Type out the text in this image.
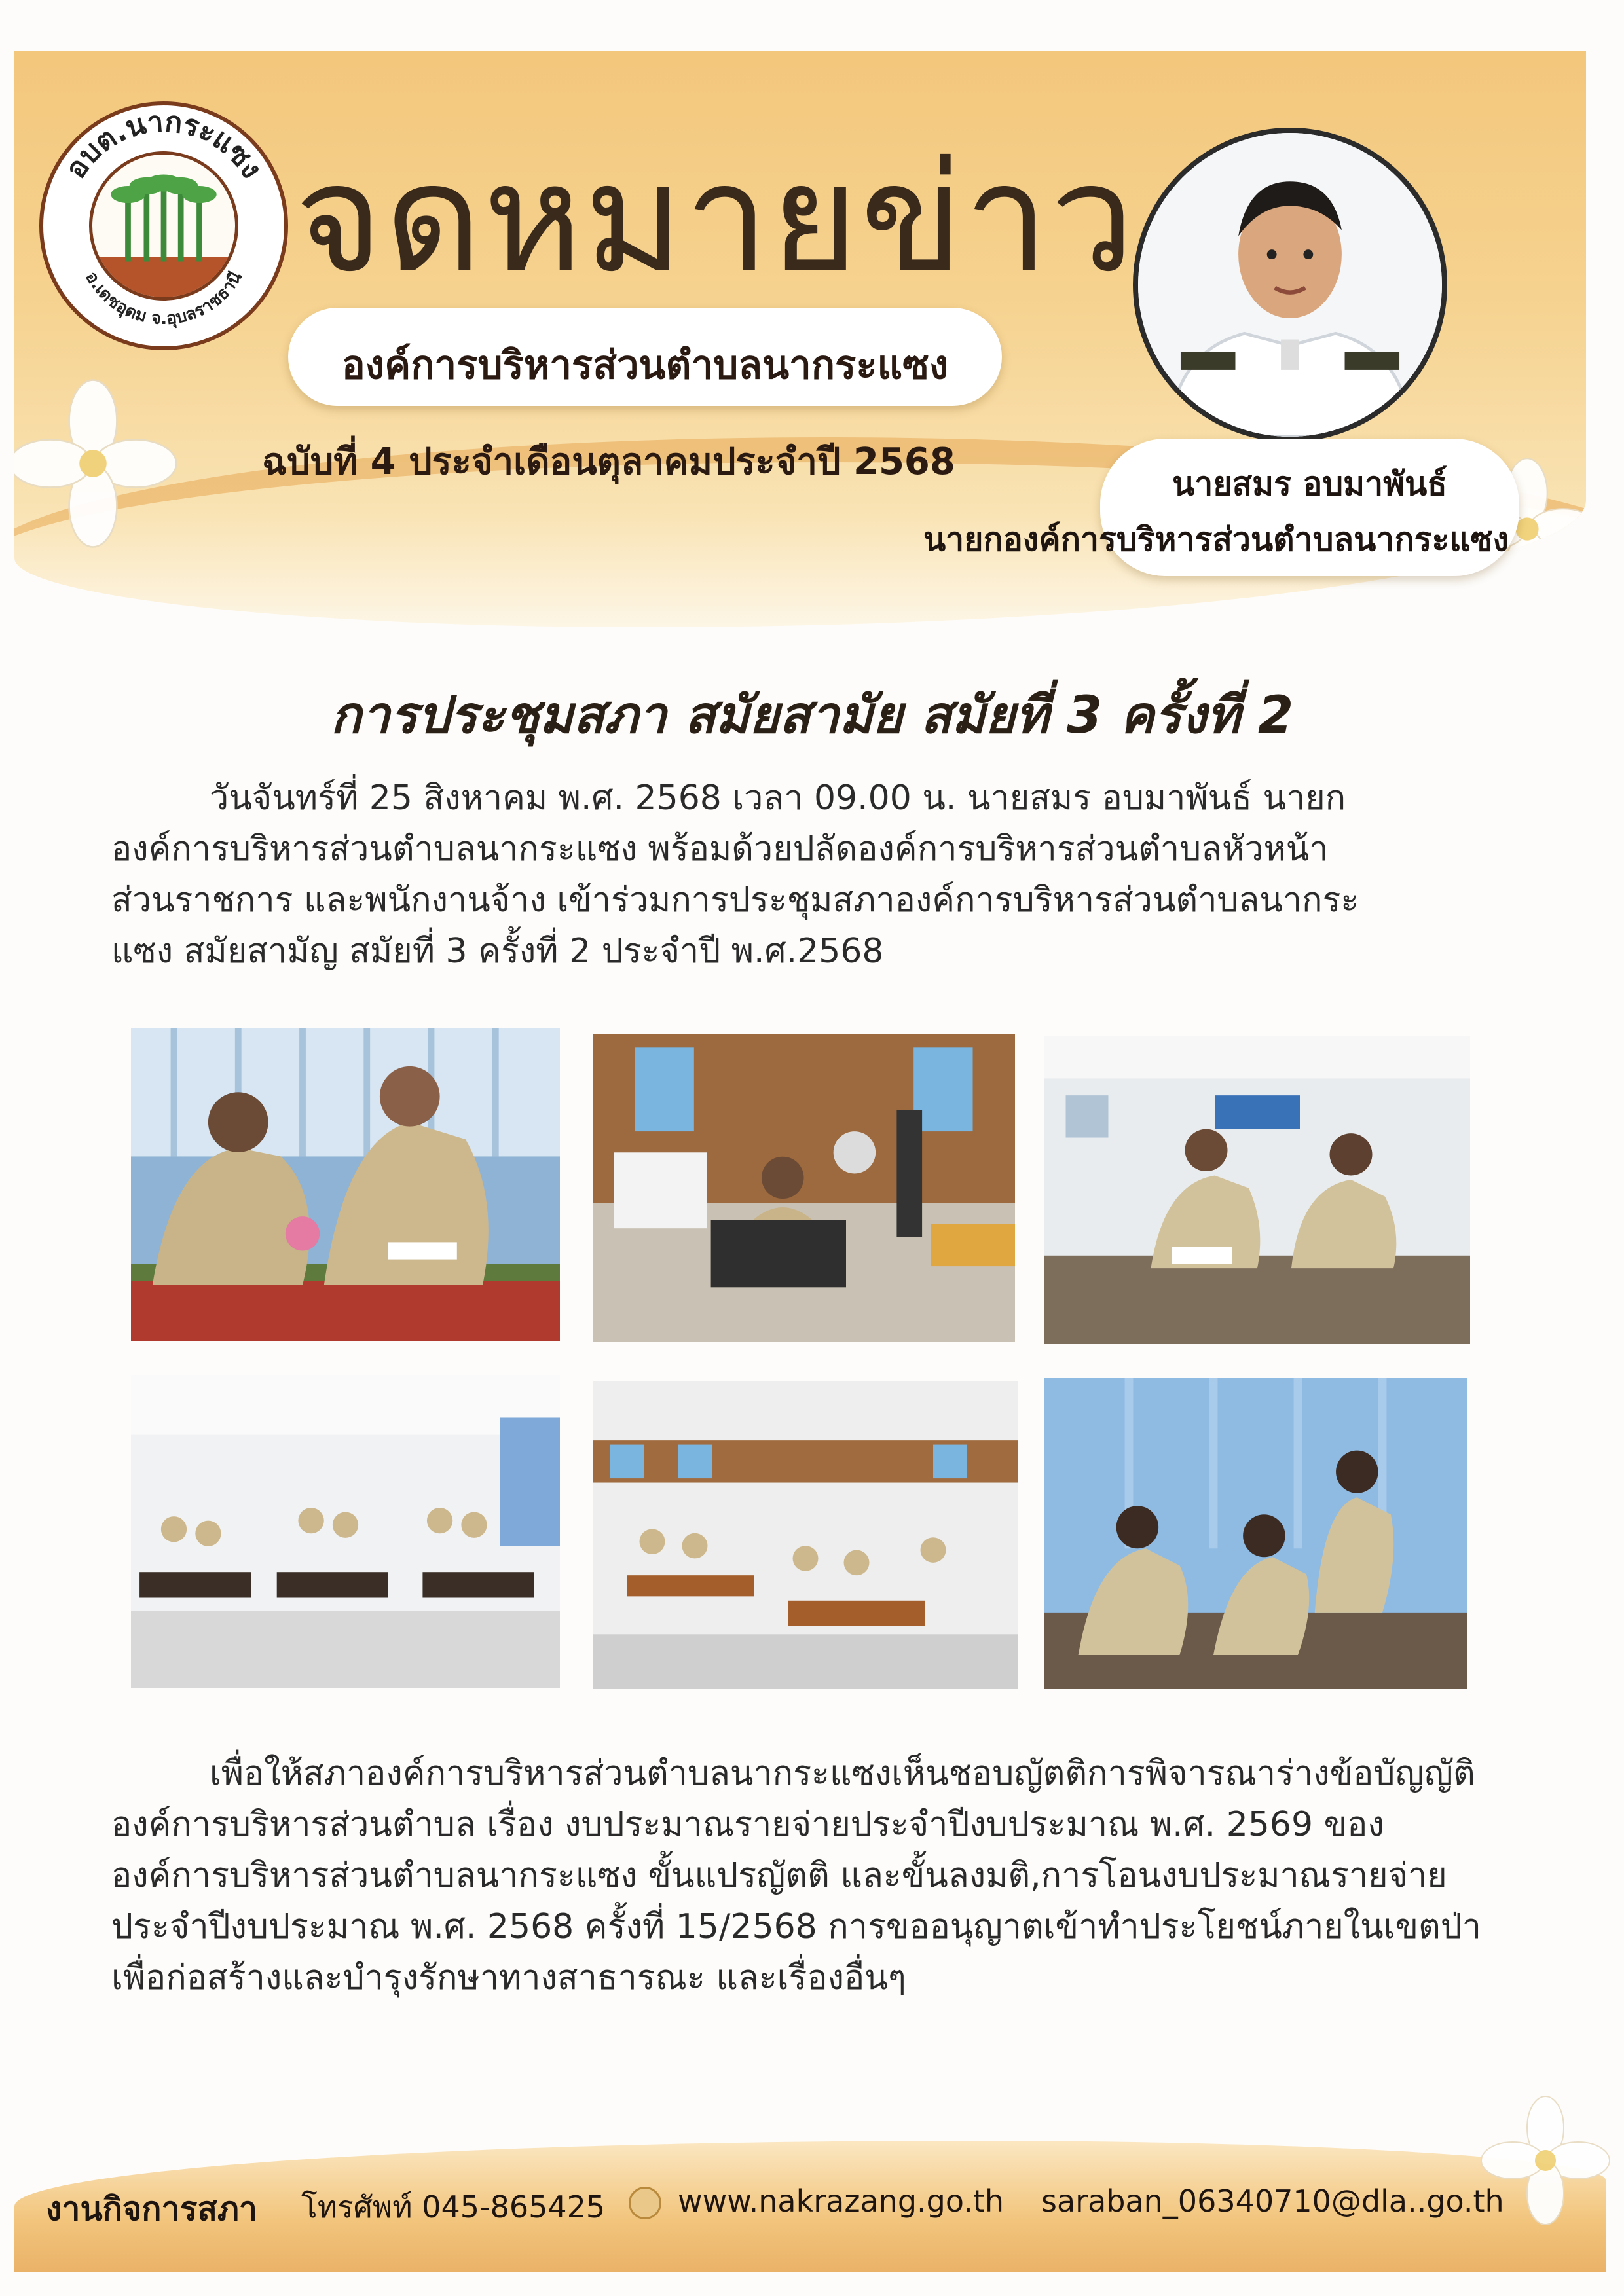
อบต.นากระแซง
อ.เดชอุดม จ.อุบลราชธานี จดหมายข่าว
องค์การบริหารส่วนตำบลนากระแซง
ฉบับที่ 4 ประจำเดือนตุลาคมประจำปี 2568
นายสมร อบมาพันธ์
นายกองค์การบริหารส่วนตำบลนากระแซง
การประชุมสภา สมัยสามัย สมัยที่ 3 ครั้งที่ 2
วันจันทร์ที่ 25 สิงหาคม พ.ศ. 2568 เวลา 09.00 น. นายสมร อบมาพันธ์ นายก
องค์การบริหารส่วนตำบลนากระแซง พร้อมด้วยปลัดองค์การบริหารส่วนตำบลหัวหน้า
ส่วนราชการ และพนักงานจ้าง เข้าร่วมการประชุมสภาองค์การบริหารส่วนตำบลนากระ
แซง สมัยสามัญ สมัยที่ 3 ครั้งที่ 2 ประจำปี พ.ศ.2568
เพื่อให้สภาองค์การบริหารส่วนตำบลนากระแซงเห็นชอบญัตติการพิจารณาร่างข้อบัญญัติ
องค์การบริหารส่วนตำบล เรื่อง งบประมาณรายจ่ายประจำปีงบประมาณ พ.ศ. 2569 ของ
องค์การบริหารส่วนตำบลนากระแซง ขั้นแปรญัตติ และขั้นลงมติ,การโอนงบประมาณรายจ่าย
ประจำปีงบประมาณ พ.ศ. 2568 ครั้งที่ 15/2568 การขออนุญาตเข้าทำประโยชน์ภายในเขตป่า
เพื่อก่อสร้างและบำรุงรักษาทางสาธารณะ และเรื่องอื่นๆ
งานกิจการสภา โทรศัพท์ 045-865425 www.nakrazang.go.th saraban_06340710@dla..go.th
